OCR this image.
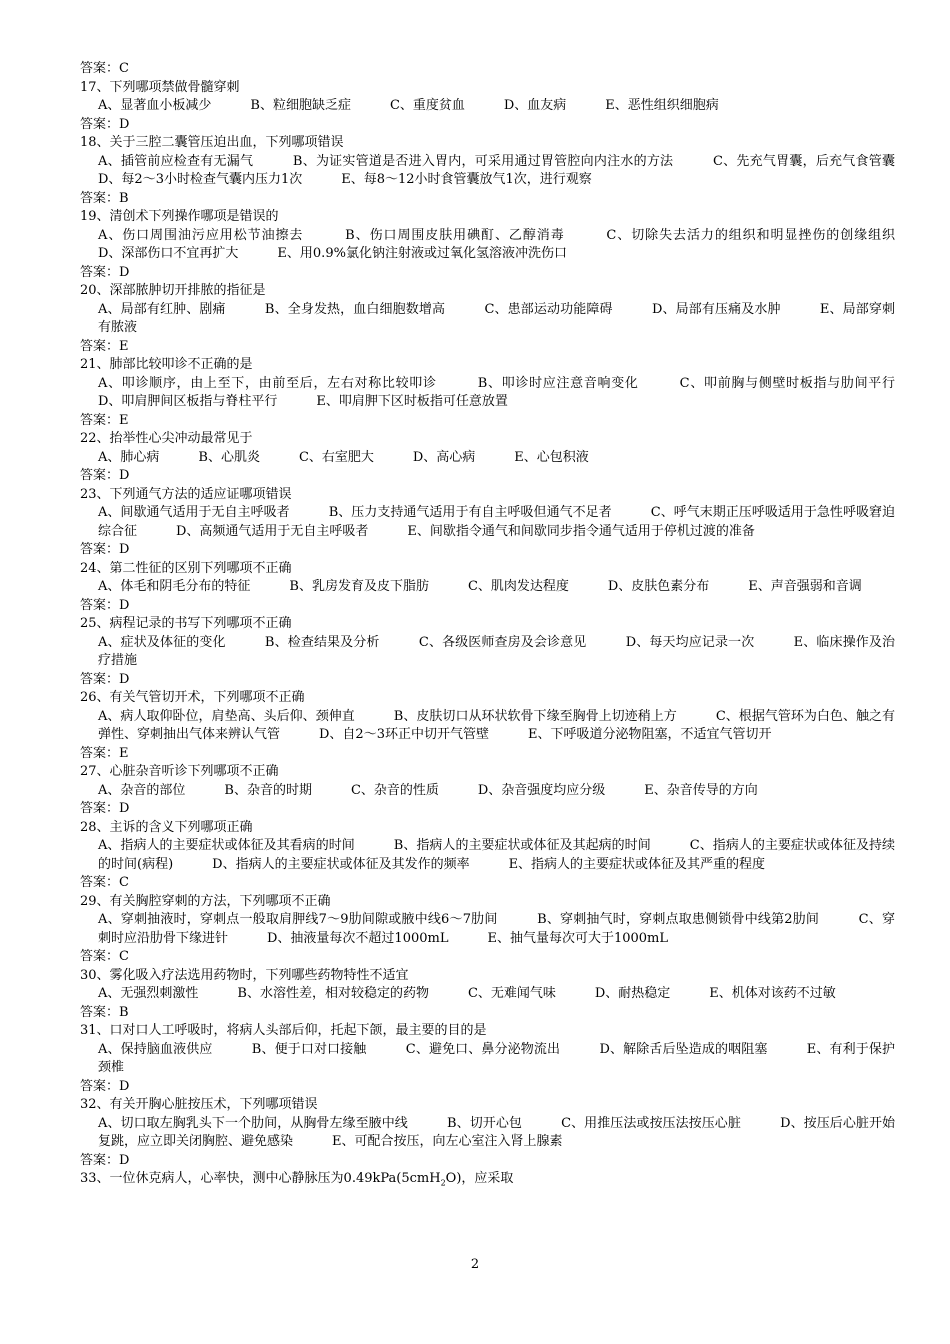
答案：C
17、下列哪项禁做骨髓穿刺
A、显著血小板减少　　　B、粒细胞缺乏症　　　C、重度贫血　　　D、血友病　　　E、恶性组织细胞病
答案：D
18、关于三腔二囊管压迫出血，下列哪项错误
A、插管前应检查有无漏气　　　B、为证实管道是否进入胃内，可采用通过胃管腔向内注水的方法　　　C、先充气胃囊，后充气食管囊　　　D、每2～3小时检查气囊内压力1次　　　E、每8～12小时食管囊放气1次，进行观察
答案：B
19、清创术下列操作哪项是错误的
A、伤口周围油污应用松节油擦去　　　B、伤口周围皮肤用碘酊、乙醇消毒　　　C、切除失去活力的组织和明显挫伤的创缘组织　　　D、深部伤口不宜再扩大　　　E、用0.9%氯化钠注射液或过氧化氢溶液冲洗伤口
答案：D
20、深部脓肿切开排脓的指征是
A、局部有红肿、剧痛　　　B、全身发热，血白细胞数增高　　　C、患部运动功能障碍　　　D、局部有压痛及水肿　　　E、局部穿刺有脓液
答案：E
21、肺部比较叩诊不正确的是
A、叩诊顺序，由上至下，由前至后，左右对称比较叩诊　　　B、叩诊时应注意音响变化　　　C、叩前胸与侧壁时板指与肋间平行　　　D、叩肩胛间区板指与脊柱平行　　　E、叩肩胛下区时板指可任意放置
答案：E
22、抬举性心尖冲动最常见于
A、肺心病　　　B、心肌炎　　　C、右室肥大　　　D、高心病　　　E、心包积液
答案：D
23、下列通气方法的适应证哪项错误
A、间歇通气适用于无自主呼吸者　　　B、压力支持通气适用于有自主呼吸但通气不足者　　　C、呼气末期正压呼吸适用于急性呼吸窘迫综合征　　　D、高频通气适用于无自主呼吸者　　　E、间歇指令通气和间歇同步指令通气适用于停机过渡的准备
答案：D
24、第二性征的区别下列哪项不正确
A、体毛和阴毛分布的特征　　　B、乳房发育及皮下脂肪　　　C、肌肉发达程度　　　D、皮肤色素分布　　　E、声音强弱和音调
答案：D
25、病程记录的书写下列哪项不正确
A、症状及体征的变化　　　B、检查结果及分析　　　C、各级医师查房及会诊意见　　　D、每天均应记录一次　　　E、临床操作及治疗措施
答案：D
26、有关气管切开术，下列哪项不正确
A、病人取仰卧位，肩垫高、头后仰、颈伸直　　　B、皮肤切口从环状软骨下缘至胸骨上切迹稍上方　　　C、根据气管环为白色、触之有弹性、穿刺抽出气体来辨认气管　　　D、自2～3环正中切开气管壁　　　E、下呼吸道分泌物阻塞，不适宜气管切开
答案：E
27、心脏杂音听诊下列哪项不正确
A、杂音的部位　　　B、杂音的时期　　　C、杂音的性质　　　D、杂音强度均应分级　　　E、杂音传导的方向
答案：D
28、主诉的含义下列哪项正确
A、指病人的主要症状或体征及其看病的时间　　　B、指病人的主要症状或体征及其起病的时间　　　C、指病人的主要症状或体征及持续的时间(病程)　　　D、指病人的主要症状或体征及其发作的频率　　　E、指病人的主要症状或体征及其严重的程度
答案：C
29、有关胸腔穿刺的方法，下列哪项不正确
A、穿刺抽液时，穿刺点一般取肩胛线7～9肋间隙或腋中线6～7肋间　　　B、穿刺抽气时，穿刺点取患侧锁骨中线第2肋间　　　C、穿刺时应沿肋骨下缘进针　　　D、抽液量每次不超过1000mL　　　E、抽气量每次可大于1000mL
答案：C
30、雾化吸入疗法选用药物时，下列哪些药物特性不适宜
A、无强烈刺激性　　　B、水溶性差，相对较稳定的药物　　　C、无难闻气味　　　D、耐热稳定　　　E、机体对该药不过敏
答案：B
31、口对口人工呼吸时，将病人头部后仰，托起下颌，最主要的目的是
A、保持脑血液供应　　　B、便于口对口接触　　　C、避免口、鼻分泌物流出　　　D、解除舌后坠造成的咽阻塞　　　E、有利于保护颈椎
答案：D
32、有关开胸心脏按压术，下列哪项错误
A、切口取左胸乳头下一个肋间，从胸骨左缘至腋中线　　　B、切开心包　　　C、用推压法或按压法按压心脏　　　D、按压后心脏开始复跳，应立即关闭胸腔、避免感染　　　E、可配合按压，向左心室注入肾上腺素
答案：D
33、一位休克病人，心率快，测中心静脉压为0.49kPa(5cmH$_2$O)，应采取
2
